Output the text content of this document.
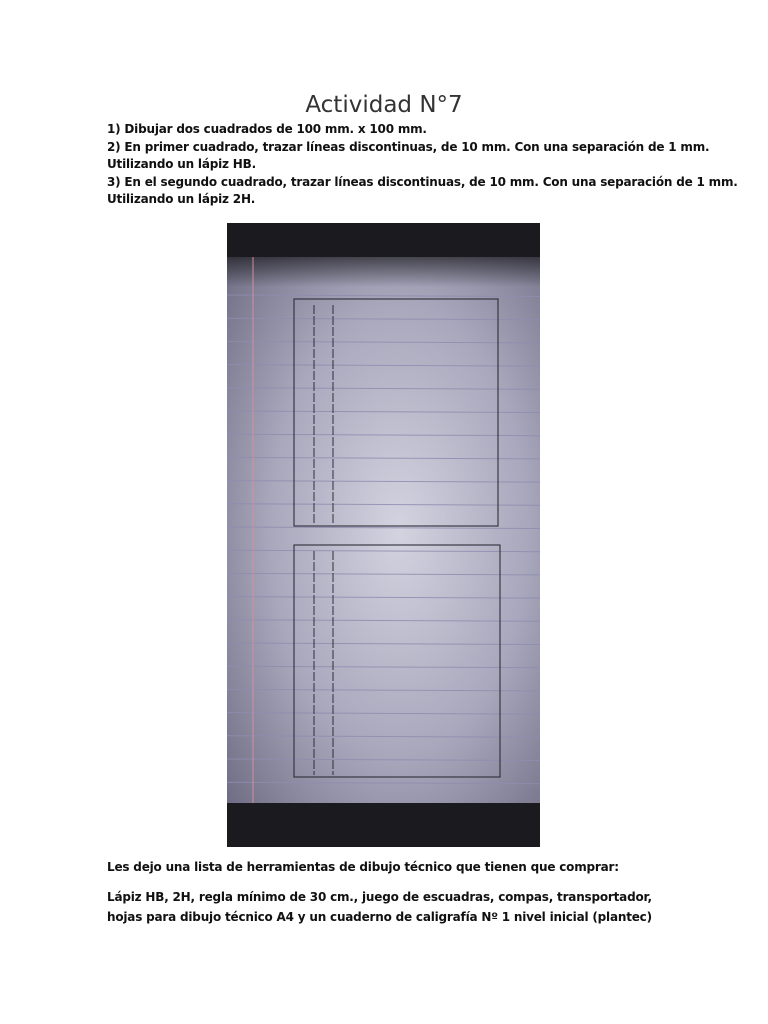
Actividad N°7
1) Dibujar dos cuadrados de 100 mm. x 100 mm.
2) En primer cuadrado, trazar líneas discontinuas, de 10 mm. Con una separación de 1 mm.
Utilizando un lápiz HB.
3) En el segundo cuadrado, trazar líneas discontinuas, de 10 mm. Con una separación de 1 mm.
Utilizando un lápiz 2H.
Les dejo una lista de herramientas de dibujo técnico que tienen que comprar:
Lápiz HB, 2H, regla mínimo de 30 cm., juego de escuadras, compas, transportador, hojas para dibujo técnico A4 y un cuaderno de caligrafía Nº 1 nivel inicial (plantec)
